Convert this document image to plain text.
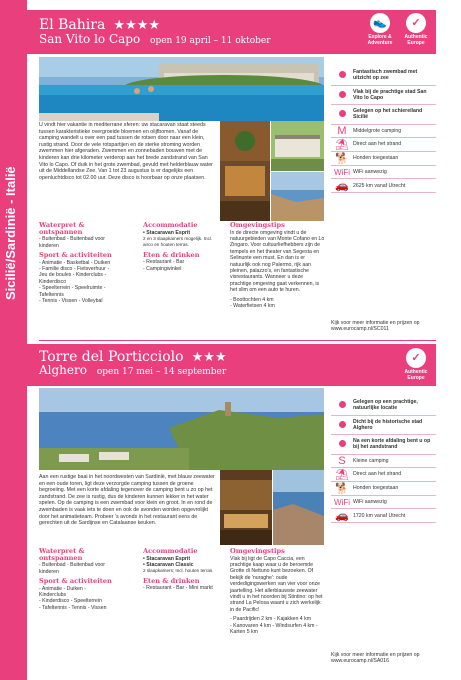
Sicilië/Sardinië - Italië
El Bahira ★★★★
San Vito lo Capo open 19 april – 11 oktober
👟
Explore & Adventure
✓
Authentic Europe
Fantastisch zwembad met uitzicht op zee
Vlak bij de prachtige stad San Vito lo Capo
Gelegen op het schiereiland Sicilië
M	Middelgrote camping
⛱ Direct aan het strand
🐕 Honden toegestaan
WiFi WiFi aanwezig
🚗 2625 km vanaf Utrecht
U vindt hier vakantie in mediterrane sferen: uw stacaravan staat steeds tussen karakteristieke overgroeide bloemen en olijfbomen. Vanaf de camping wandelt u over een pad tussen de rotsen door naar een klein, rustig strand. Door de vele rotspartijen en de sterke stroming worden zwemmen hier afgeraden. Zwemmen en zonnebaden bouwen met de kinderen kan drie kilometer verderop aan het brede zandstrand van San Vito lo Capo. Of duik in het grote zwembad, gevuld met helderblauw water uit de Middellandse Zee. Van 1 tot 23 augustus is er dagelijks een openluchtdisco tot 02.00 uur. Deze disco is hoorbaar op onze plaatsen.
Waterpret & ontspannen
- Buitenbad - Buitenbad voor kinderen
Sport & activiteiten
- Animatie - Basketbal - Duiken
- Familie disco - Fietsverhuur - Jeu de boules - Kinderclubs - Kinderdisco
- Speelterrein - Speelruimte - Tafeltennis
- Tennis - Vissen - Volleybal
Accommodatie
• Stacaravan Esprit
2 en 3 slaapkamers mogelijk. Incl. airco en houten terras.
Eten & drinken
- Restaurant - Bar
- Campingwinkel
Omgevingstips
In de directe omgeving vindt u de natuurgebieden van Monte Cofano en Lo Zingaro. Voor cultuurliefhebbers zijn de tempels en het theater van Segesta en Selinunte een must. En dan is er natuurlijk ook nog Palermo, rijk aan pleinen, palazzo's, en fantastische visrestaurants. Wanneer u deze prachtige omgeving gaat verkennen, is het slim om een auto te huren.
- Boottochten 4 km
- Waterfietsen 4 km
Kijk voor meer informatie en prijzen op www.eurocamp.nl/SC011
Torre del Porticciolo ★★★
Alghero open 17 mei – 14 september
✓
Authentic Europe
Gelegen op een prachtige, natuurlijke locatie
Dicht bij de historische stad Alghero
Na een korte afdaling bent u op bij het zandstrand
S	Kleine camping
⛱ Direct aan het strand
🐕 Honden toegestaan
WiFi WiFi aanwezig
🚗 1720 km vanaf Utrecht
Aan een rustige baai in het noordwesten van Sardinië, met blauw zeewater en een oude toren, ligt deze verzorgde camping tussen de groene begroeiing. Met een korte afdaling tegenover de camping bent u zo op het zandstrand. De zee is rustig, dus de kinderen kunnen lekker in het water spelen. Op de camping is een zwembad voor klein en groot. In en rond de zwembaden is vaak iets te doen en ook de avonden worden opgevrolijkt door het animatieteam. Probeer 's avonds in het restaurant eens de gerechten uit de Sardijnse en Catalaanse keuken.
Waterpret & ontspannen
- Buitenbad - Buitenbad voor kinderen
Sport & activiteiten
- Animatie - Duiken - Kinderclubs
- Kinderdisco - Speelterrein
- Tafeltennis - Tennis - Vissen
Accommodatie
• Stacaravan Esprit
• Stacaravan Classic
2 slaapkamers; Incl. houten terras.
Eten & drinken
- Restaurant - Bar - Mini markt
Omgevingstips
Vlak bij ligt de Capo Caccia, een prachtige kaap waar u de beroemde Grotte di Nettuno kunt bezoeken. Of bekijk de 'nuraghe': oude verdedigingswerken van vier voor onze jaartelling. Het allerblauwste zeewater vindt u in het noorden bij Stintino: op het strand La Pelosa waant u zich werkelijk in de Pacific!
- Paardrijden 2 km - Kajakken 4 km
- Kanovaren 4 km - Windsurfen 4 km - Karten 5 km
Kijk voor meer informatie en prijzen op www.eurocamp.nl/SA016
162
